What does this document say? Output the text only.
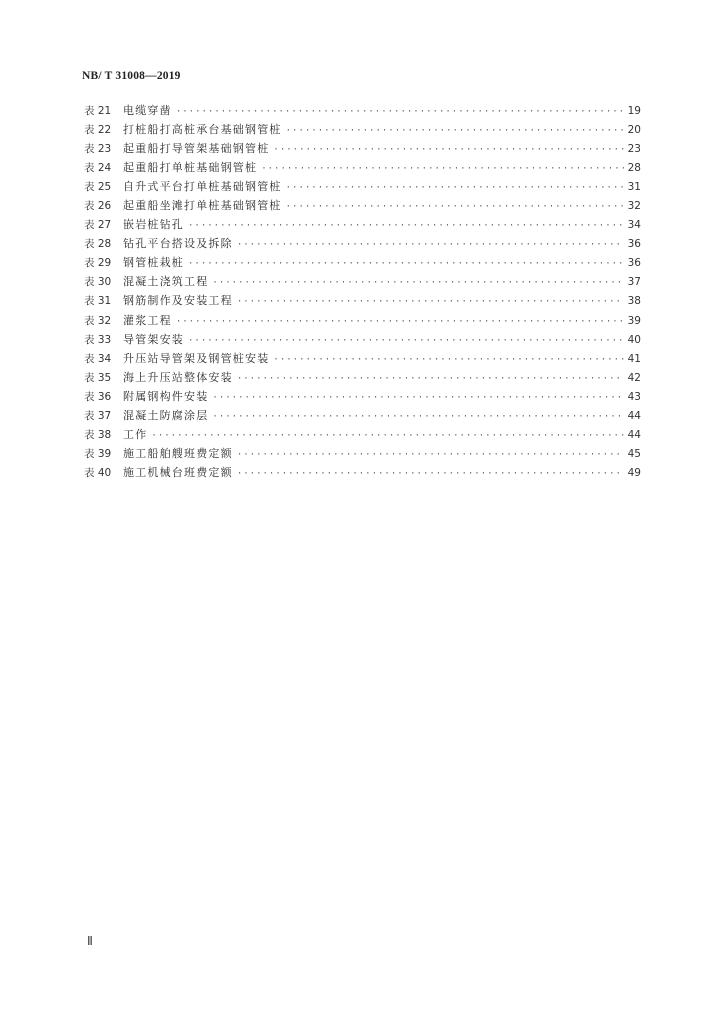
NB/ T 31008—2019
表 21	电缆穿凿 ·····	19
表 22	打桩船打高桩承台基础钢管桩 ·····	20
表 23	起重船打导管架基础钢管桩 ·····	23
表 24	起重船打单桩基础钢管桩 ·····	28
表 25	自升式平台打单桩基础钢管桩 ·····	31
表 26	起重船坐滩打单桩基础钢管桩 ·····	32
表 27	嵌岩桩钻孔 ·····	34
表 28	钻孔平台搭设及拆除 ·····	36
表 29	钢管桩栽桩 ·····	36
表 30	混凝土浇筑工程 ·····	37
表 31	钢筋制作及安装工程 ·····	38
表 32	灌浆工程 ·····	39
表 33	导管架安装 ·····	40
表 34	升压站导管架及钢管桩安装 ·····	41
表 35	海上升压站整体安装 ·····	42
表 36	附属钢构件安装 ·····	43
表 37	混凝土防腐涂层 ·····	44
表 38	工作 ·····	44
表 39	施工船舶艘班费定额 ·····	45
表 40	施工机械台班费定额 ·····	49
Ⅱ
